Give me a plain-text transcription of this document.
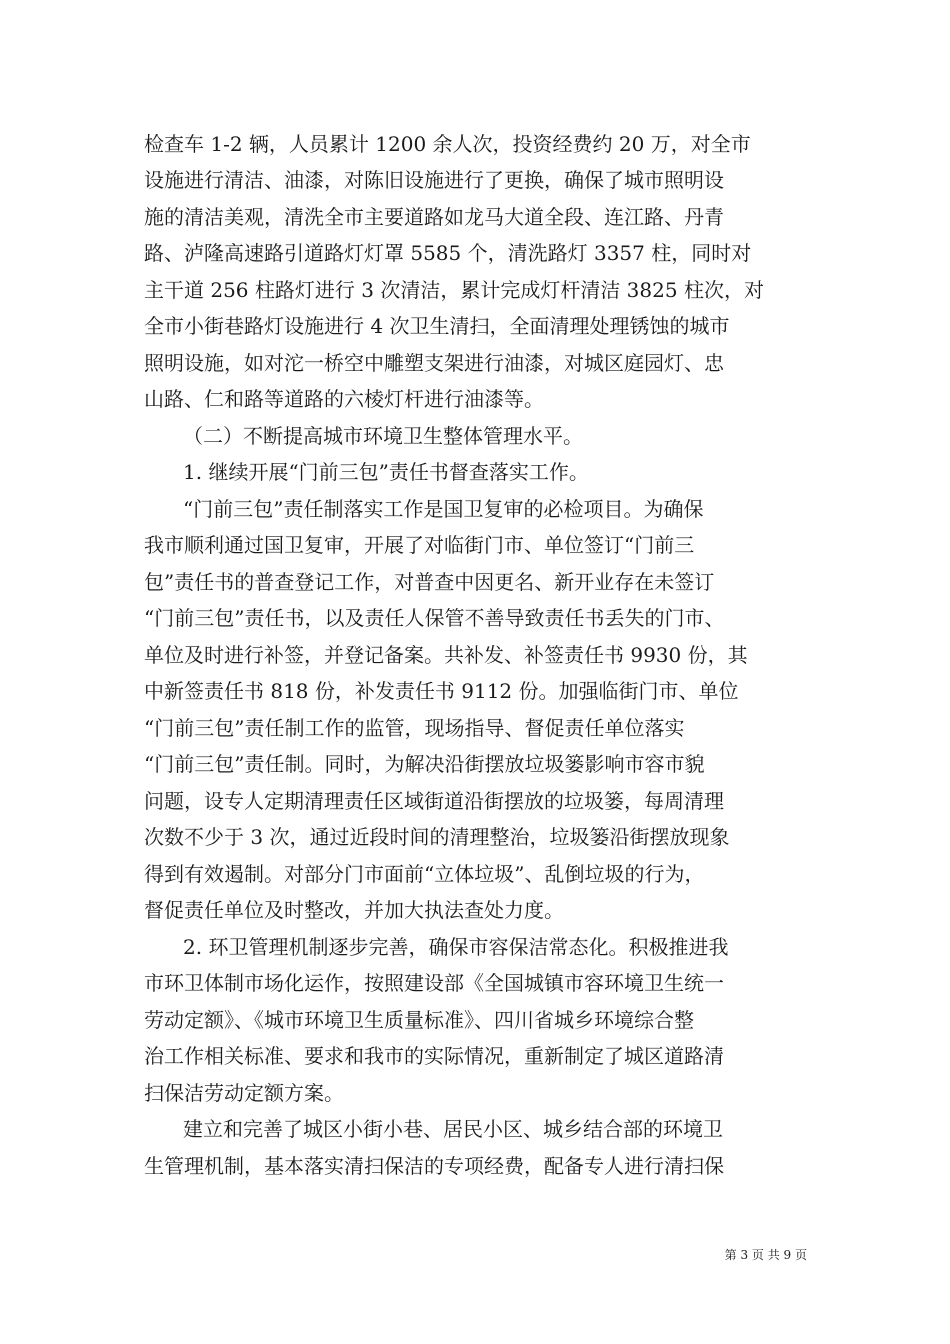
检查车 1-2 辆，人员累计 1200 余人次，投资经费约 20 万，对全市
设施进行清洁、油漆，对陈旧设施进行了更换，确保了城市照明设
施的清洁美观，清洗全市主要道路如龙马大道全段、连江路、丹青
路、泸隆高速路引道路灯灯罩 5585 个，清洗路灯 3357 柱，同时对
主干道 256 柱路灯进行 3 次清洁，累计完成灯杆清洁 3825 柱次，对
全市小街巷路灯设施进行 4 次卫生清扫，全面清理处理锈蚀的城市
照明设施，如对沱一桥空中雕塑支架进行油漆，对城区庭园灯、忠
山路、仁和路等道路的六棱灯杆进行油漆等。
（二）不断提高城市环境卫生整体管理水平。
1. 继续开展“门前三包”责任书督查落实工作。
“门前三包”责任制落实工作是国卫复审的必检项目。为确保
我市顺利通过国卫复审，开展了对临街门市、单位签订“门前三
包”责任书的普查登记工作，对普查中因更名、新开业存在未签订
“门前三包”责任书，以及责任人保管不善导致责任书丢失的门市、
单位及时进行补签，并登记备案。共补发、补签责任书 9930 份，其
中新签责任书 818 份，补发责任书 9112 份。加强临街门市、单位
“门前三包”责任制工作的监管，现场指导、督促责任单位落实
“门前三包”责任制。同时，为解决沿街摆放垃圾篓影响市容市貌
问题，设专人定期清理责任区域街道沿街摆放的垃圾篓，每周清理
次数不少于 3 次，通过近段时间的清理整治，垃圾篓沿街摆放现象
得到有效遏制。对部分门市面前“立体垃圾”、乱倒垃圾的行为，
督促责任单位及时整改，并加大执法查处力度。
2. 环卫管理机制逐步完善，确保市容保洁常态化。积极推进我
市环卫体制市场化运作，按照建设部《全国城镇市容环境卫生统一
劳动定额》、《城市环境卫生质量标准》、四川省城乡环境综合整
治工作相关标准、要求和我市的实际情况，重新制定了城区道路清
扫保洁劳动定额方案。
建立和完善了城区小街小巷、居民小区、城乡结合部的环境卫
生管理机制，基本落实清扫保洁的专项经费，配备专人进行清扫保
第 3 页 共 9 页
